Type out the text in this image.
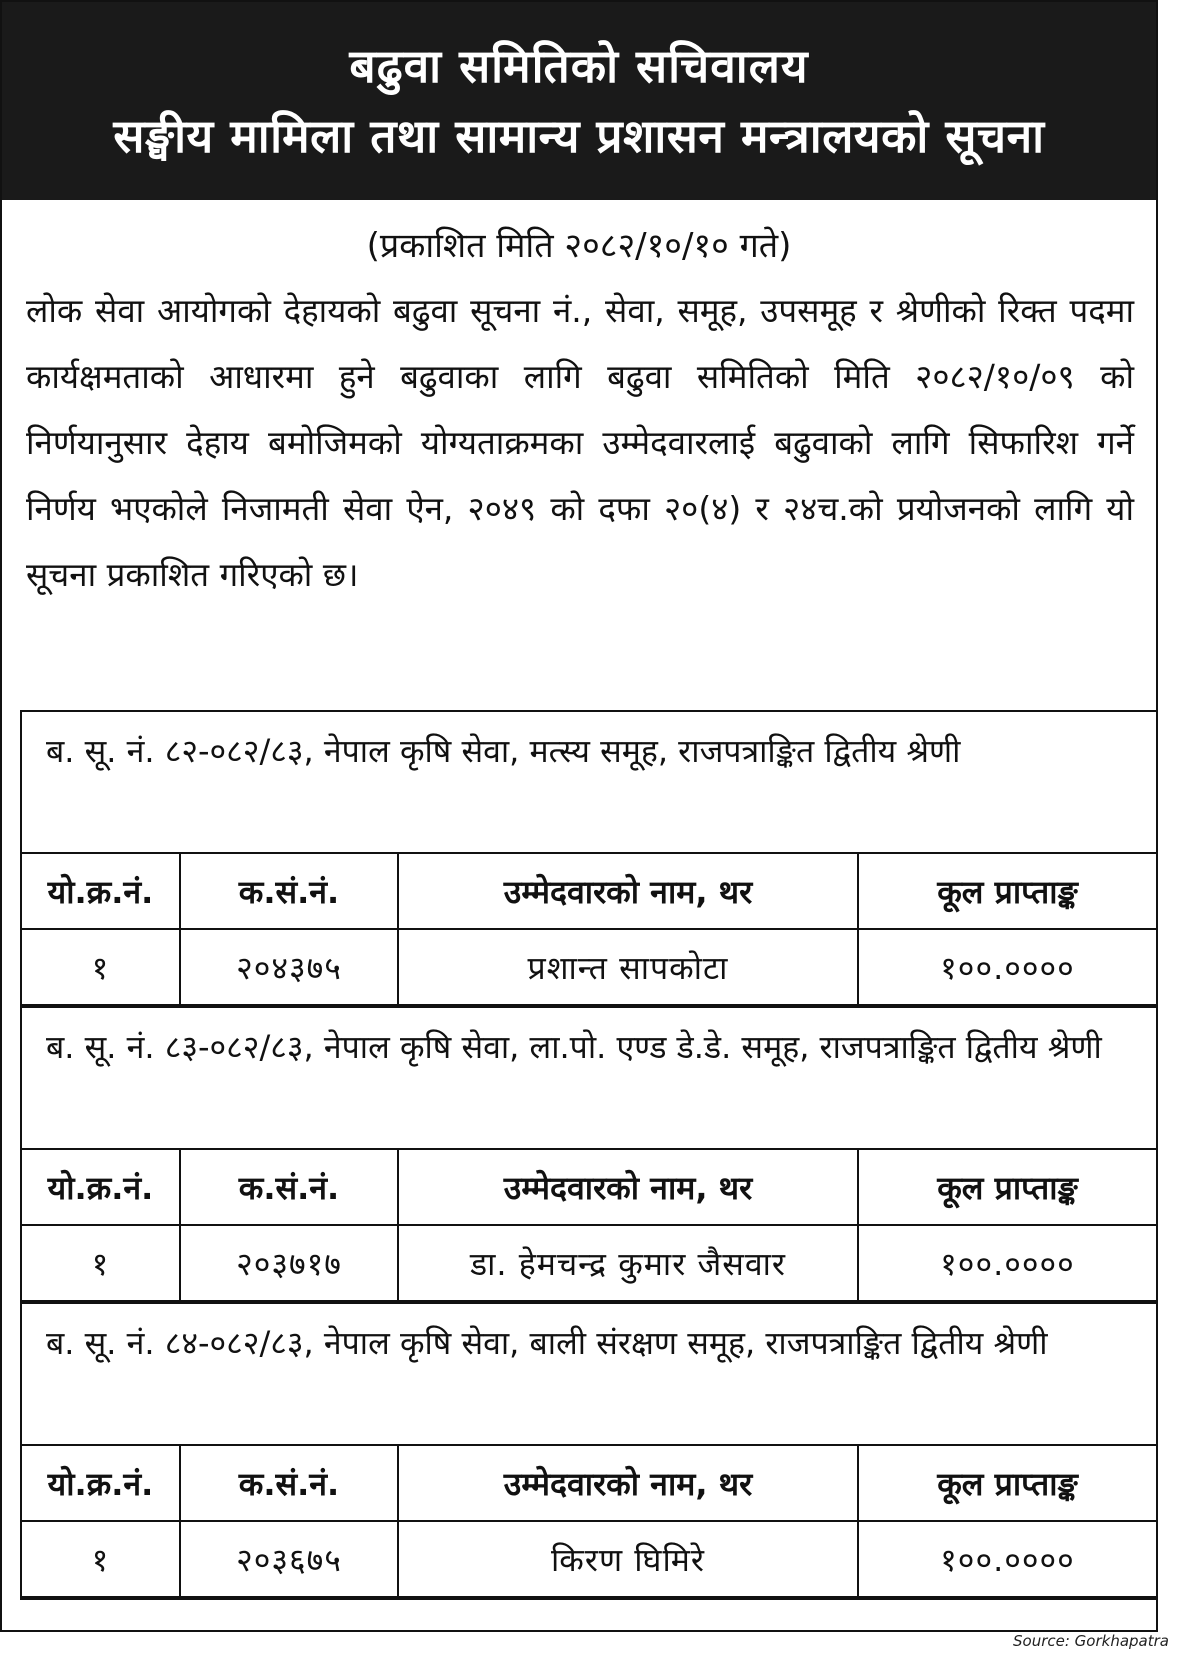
बढुवा समितिको सचिवालय
सङ्घीय मामिला तथा सामान्य प्रशासन मन्त्रालयको सूचना
(प्रकाशित मिति २०८२/१०/१० गते)
लोक सेवा आयोगको देहायको बढुवा सूचना नं., सेवा, समूह, उपसमूह र श्रेणीको रिक्त पदमा कार्यक्षमताको आधारमा हुने बढुवाका लागि बढुवा समितिको मिति २०८२/१०/०९ को निर्णयानुसार देहाय बमोजिमको योग्यताक्रमका उम्मेदवारलाई बढुवाको लागि सिफारिश गर्ने निर्णय भएकोले निजामती सेवा ऐन, २०४९ को दफा २०(४) र २४च.को प्रयोजनको लागि यो सूचना प्रकाशित गरिएको छ।
ब. सू. नं. ८२-०८२/८३, नेपाल कृषि सेवा, मत्स्य समूह, राजपत्राङ्कित द्वितीय श्रेणी
यो.क्र.नं.	क.सं.नं.	उम्मेदवारको नाम, थर	कूल प्राप्ताङ्क
१	२०४३७५	प्रशान्त सापकोटा	१००.००००
ब. सू. नं. ८३-०८२/८३, नेपाल कृषि सेवा, ला.पो. एण्ड डे.डे. समूह, राजपत्राङ्कित द्वितीय श्रेणी
यो.क्र.नं.	क.सं.नं.	उम्मेदवारको नाम, थर	कूल प्राप्ताङ्क
१	२०३७१७	डा. हेमचन्द्र कुमार जैसवार	१००.००००
ब. सू. नं. ८४-०८२/८३, नेपाल कृषि सेवा, बाली संरक्षण समूह, राजपत्राङ्कित द्वितीय श्रेणी
यो.क्र.नं.	क.सं.नं.	उम्मेदवारको नाम, थर	कूल प्राप्ताङ्क
१	२०३६७५	किरण घिमिरे	१००.००००
Source: Gorkhapatra
